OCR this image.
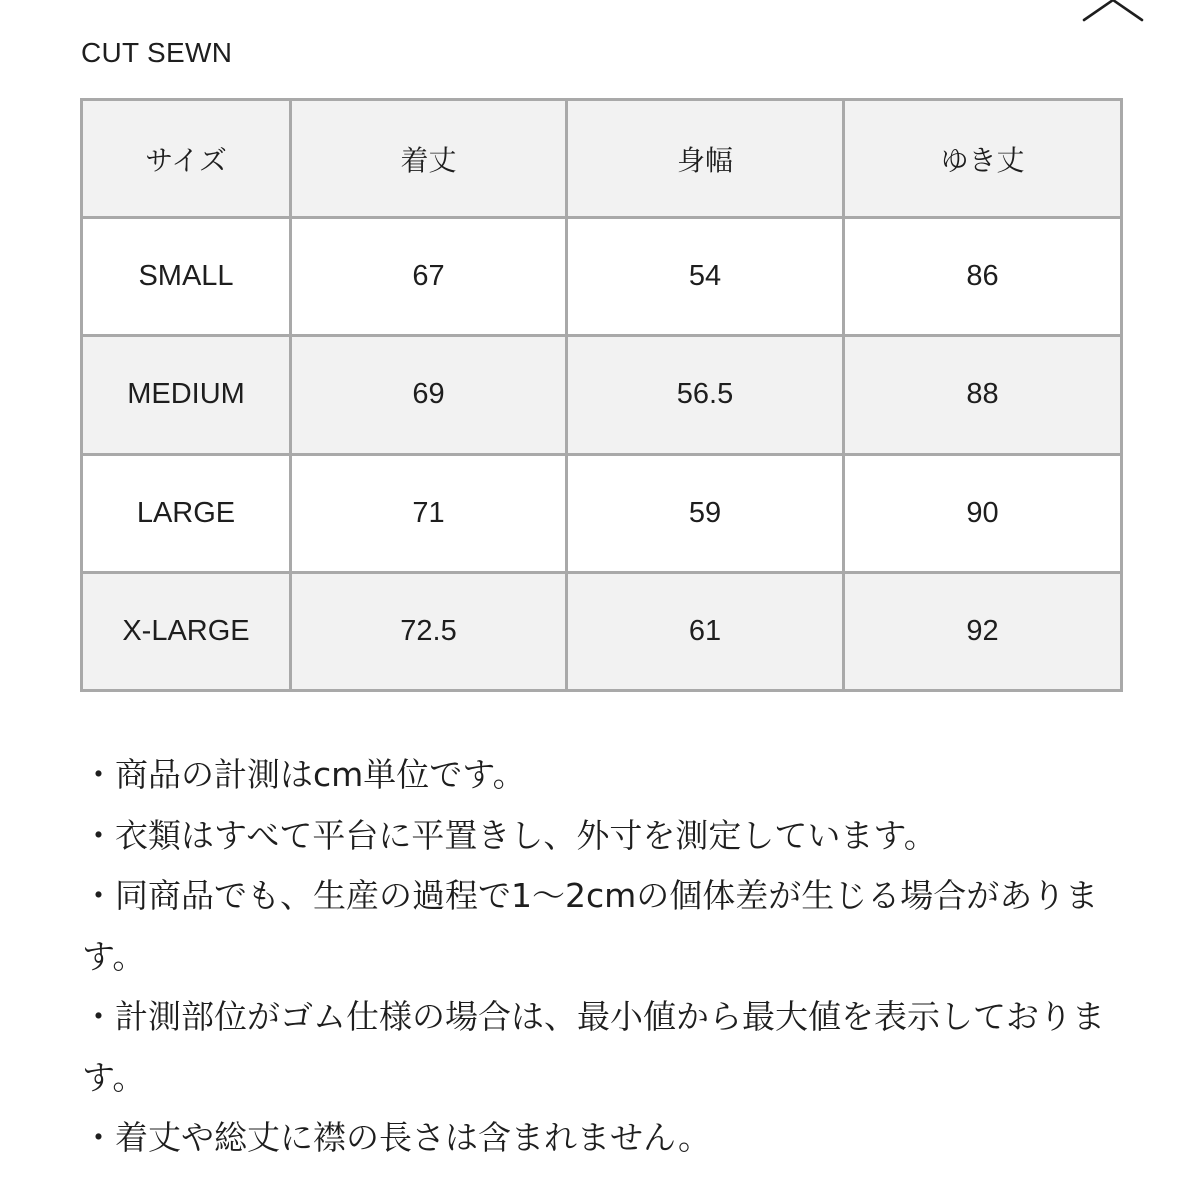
CUT SEWN
サイズ	着丈	身幅	ゆき丈
SMALL	67	54	86
MEDIUM	69	56.5	88
LARGE	71	59	90
X-LARGE	72.5	61	92

・商品の計測はcm単位です。

・衣類はすべて平台に平置きし、外寸を測定しています。

・同商品でも、生産の過程で1〜2cmの個体差が生じる場合があります。

・計測部位がゴム仕様の場合は、最小値から最大値を表示しております。

・着丈や総丈に襟の長さは含まれません。
